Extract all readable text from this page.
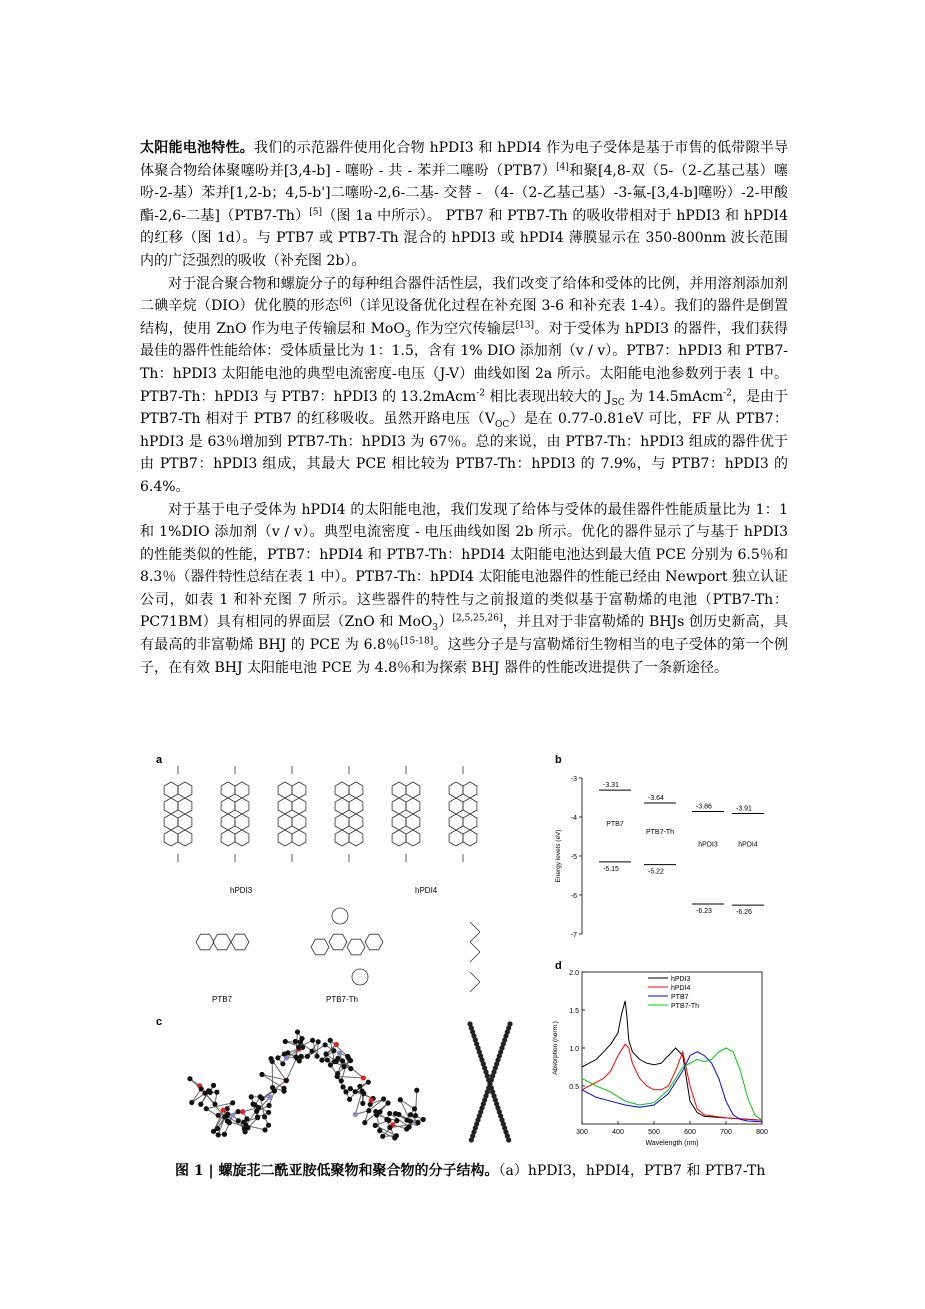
太阳能电池特性。我们的示范器件使用化合物 hPDI3 和 hPDI4 作为电子受体是基于市售的低带隙半导体聚合物给体聚噻吩并[3,4-b] - 噻吩 - 共 - 苯并二噻吩（PTB7）[4]和聚[4,8-双（5-（2-乙基己基）噻吩-2-基）苯并[1,2-b；4,5-b']二噻吩-2,6-二基- 交替 - （4-（2-乙基己基）-3-氟-[3,4-b]噻吩）-2-甲酸酯-2,6-二基]（PTB7-Th）[5]（图 1a 中所示）。 PTB7 和 PTB7-Th 的吸收带相对于 hPDI3 和 hPDI4 的红移（图 1d）。与 PTB7 或 PTB7-Th 混合的 hPDI3 或 hPDI4 薄膜显示在 350-800nm 波长范围内的广泛强烈的吸收（补充图 2b）。

对于混合聚合物和螺旋分子的每种组合器件活性层，我们改变了给体和受体的比例，并用溶剂添加剂二碘辛烷（DIO）优化膜的形态[6]（详见设备优化过程在补充图 3-6 和补充表 1-4）。我们的器件是倒置结构，使用 ZnO 作为电子传输层和 MoO$_3$ 作为空穴传输层[13]。对于受体为 hPDI3 的器件，我们获得最佳的器件性能给体：受体质量比为 1：1.5，含有 1% DIO 添加剂（v / v）。PTB7：hPDI3 和 PTB7-Th：hPDI3 太阳能电池的典型电流密度-电压（J-V）曲线如图 2a 所示。太阳能电池参数列于表 1 中。PTB7-Th：hPDI3 与 PTB7：hPDI3 的 13.2mAcm$^{-2}$ 相比表现出较大的 $J_{SC}$ 为 14.5mAcm$^{-2}$，是由于 PTB7-Th 相对于 PTB7 的红移吸收。虽然开路电压$(V_{OC})$是在 0.77-0.81eV 可比，FF 从 PTB7：hPDI3 是 63％增加到 PTB7-Th：hPDI3 为 67％。总的来说，由 PTB7-Th：hPDI3 组成的器件优于由 PTB7：hPDI3 组成，其最大 PCE 相比较为 PTB7-Th：hPDI3 的 7.9%，与 PTB7：hPDI3 的 6.4%。

对于基于电子受体为 hPDI4 的太阳能电池，我们发现了给体与受体的最佳器件性能质量比为 1：1 和 1%DIO 添加剂（v / v）。典型电流密度 - 电压曲线如图 2b 所示。优化的器件显示了与基于 hPDI3 的性能类似的性能，PTB7：hPDI4 和 PTB7-Th：hPDI4 太阳能电池达到最大值 PCE 分别为 6.5％和 8.3％（器件特性总结在表 1 中）。PTB7-Th：hPDI4 太阳能电池器件的性能已经由 Newport 独立认证公司，如表 1 和补充图 7 所示。这些器件的特性与之前报道的类似基于富勒烯的电池（PTB7-Th：PC71BM）具有相同的界面层（ZnO 和 MoO$_3$）[2,5,25,26]，并且对于非富勒烯的 BHJs 创历史新高，具有最高的非富勒烯 BHJ 的 PCE 为 6.8％[15-18]。这些分子是与富勒烯衍生物相当的电子受体的第一个例子，在有效 BHJ 太阳能电池 PCE 为 4.8％和为探索 BHJ 器件的性能改进提供了一条新途径。

a
hPDI3	hPDI4
PTB7	PTB7-Th
c
b
-3
-4
-5
-6
-7
Energy levels (eV)
-3.31
-5.15
PTB7
-3.64
-5.22
PTB7-Th
-3.86
-6.23
hPDI3
-3.91
-6.26
hPDI4
d
300	400	500	600	700	800
0.5
1.0
1.5
2.0
Wavelength (nm)
Absorption (norm.)
hPDI3
hPDI4
PTB7
PTB7-Th
图 1 | 螺旋苝二酰亚胺低聚物和聚合物的分子结构。（a）hPDI3，hPDI4，PTB7 和 PTB7-Th
